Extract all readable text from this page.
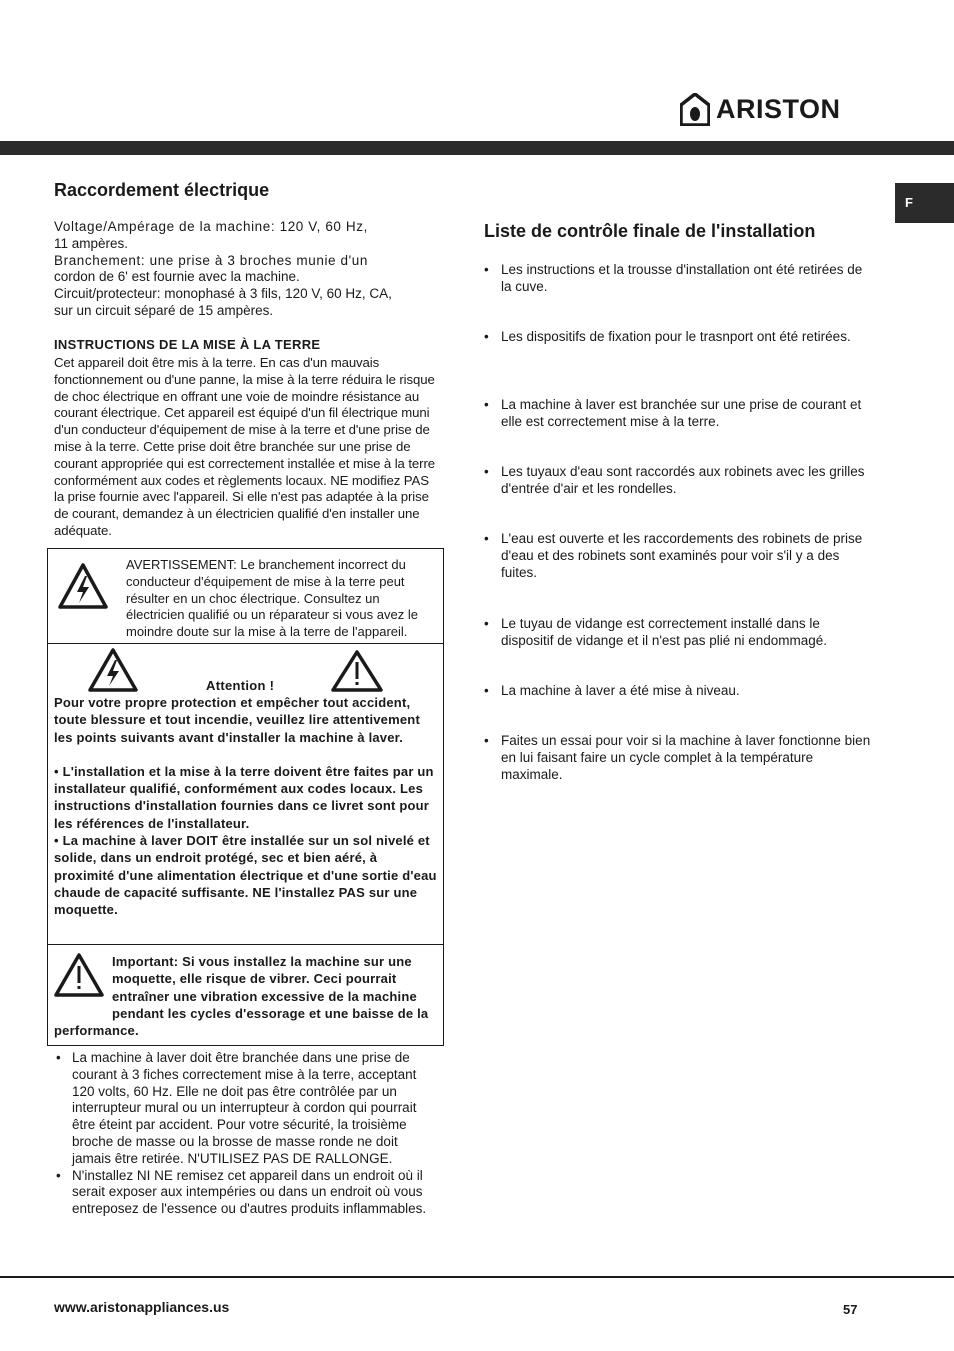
ARISTON
F
Raccordement électrique
Voltage/Ampérage de la machine: 120 V, 60 Hz,
11 ampères.
Branchement: une prise à 3 broches munie d'un
cordon de 6' est fournie avec la machine.
Circuit/protecteur: monophasé à 3 fils, 120 V, 60 Hz, CA,
sur un circuit séparé de 15 ampères.
INSTRUCTIONS DE LA MISE À LA TERRE
Cet appareil doit être mis à la terre. En cas d'un mauvais fonctionnement ou d'une panne, la mise à la terre réduira le risque de choc électrique en offrant une voie de moindre résistance au courant électrique. Cet appareil est équipé d'un fil électrique muni d'un conducteur d'équipement de mise à la terre et d'une prise de mise à la terre. Cette prise doit être branchée sur une prise de courant appropriée qui est correctement installée et mise à la terre conformément aux codes et règlements locaux. NE modifiez PAS la prise fournie avec l'appareil. Si elle n'est pas adaptée à la prise de courant, demandez à un électricien qualifié d'en installer une adéquate.
AVERTISSEMENT: Le branchement incorrect du conducteur d'équipement de mise à la terre peut résulter en un choc électrique. Consultez un électricien qualifié ou un réparateur si vous avez le moindre doute sur la mise à la terre de l'appareil.
Attention !

Pour votre propre protection et empêcher tout accident, toute blessure et tout incendie, veuillez lire attentivement les points suivants avant d'installer la machine à laver.

• L'installation et la mise à la terre doivent être faites par un installateur qualifié, conformément aux codes locaux. Les instructions d'installation fournies dans ce livret sont pour les références de l'installateur.

• La machine à laver DOIT être installée sur un sol nivelé et solide, dans un endroit protégé, sec et bien aéré, à proximité d'une alimentation électrique et d'une sortie d'eau chaude de capacité suffisante. NE l'installez PAS sur une moquette.

Important: Si vous installez la machine sur une moquette, elle risque de vibrer. Ceci pourrait entraîner une vibration excessive de la machine pendant les cycles d'essorage et une baisse de la performance.

• La machine à laver doit être branchée dans une prise de courant à 3 fiches correctement mise à la terre, acceptant 120 volts, 60 Hz. Elle ne doit pas être contrôlée par un interrupteur mural ou un interrupteur à cordon qui pourrait être éteint par accident. Pour votre sécurité, la troisième broche de masse ou la brosse de masse ronde ne doit jamais être retirée. N'UTILISEZ PAS DE RALLONGE.

• N'installez NI NE remisez cet appareil dans un endroit où il serait exposer aux intempéries ou dans un endroit où vous entreposez de l'essence ou d'autres produits inflammables.

Liste de contrôle finale de l'installation
• Les instructions et la trousse d'installation ont été retirées de la cuve.
• Les dispositifs de fixation pour le trasnport ont été retirées.
• La machine à laver est branchée sur une prise de courant et elle est correctement mise à la terre.
• Les tuyaux d'eau sont raccordés aux robinets avec les grilles d'entrée d'air et les rondelles.
• L'eau est ouverte et les raccordements des robinets de prise d'eau et des robinets sont examinés pour voir s'il y a des fuites.
• Le tuyau de vidange est correctement installé dans le dispositif de vidange et il n'est pas plié ni endommagé.
• La machine à laver a été mise à niveau.
• Faites un essai pour voir si la machine à laver fonctionne bien en lui faisant faire un cycle complet à la température maximale.
www.aristonappliances.us	57
